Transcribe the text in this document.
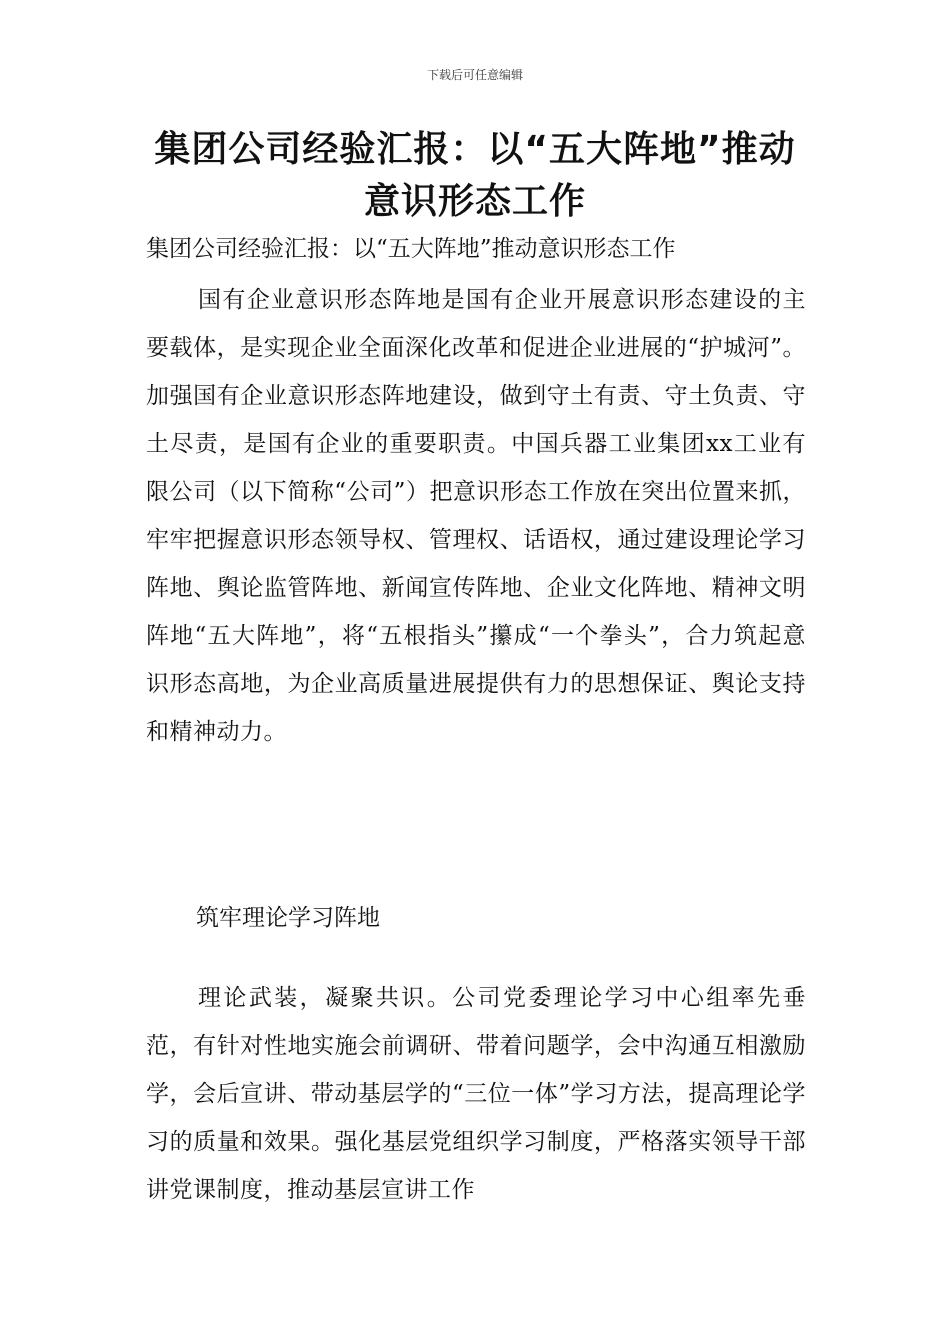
下载后可任意编辑
集团公司经验汇报：以“五大阵地”推动意识形态工作
集团公司经验汇报：以“五大阵地”推动意识形态工作

国有企业意识形态阵地是国有企业开展意识形态建设的主要载体，是实现企业全面深化改革和促进企业进展的“护城河”。加强国有企业意识形态阵地建设，做到守土有责、守土负责、守土尽责，是国有企业的重要职责。中国兵器工业集团xx工业有限公司（以下简称“公司”）把意识形态工作放在突出位置来抓，牢牢把握意识形态领导权、管理权、话语权，通过建设理论学习阵地、舆论监管阵地、新闻宣传阵地、企业文化阵地、精神文明阵地“五大阵地”，将“五根指头”攥成“一个拳头”，合力筑起意识形态高地，为企业高质量进展提供有力的思想保证、舆论支持和精神动力。

筑牢理论学习阵地

理论武装，凝聚共识。公司党委理论学习中心组率先垂范，有针对性地实施会前调研、带着问题学，会中沟通互相激励学，会后宣讲、带动基层学的“三位一体”学习方法，提高理论学习的质量和效果。强化基层党组织学习制度，严格落实领导干部讲党课制度，推动基层宣讲工作
